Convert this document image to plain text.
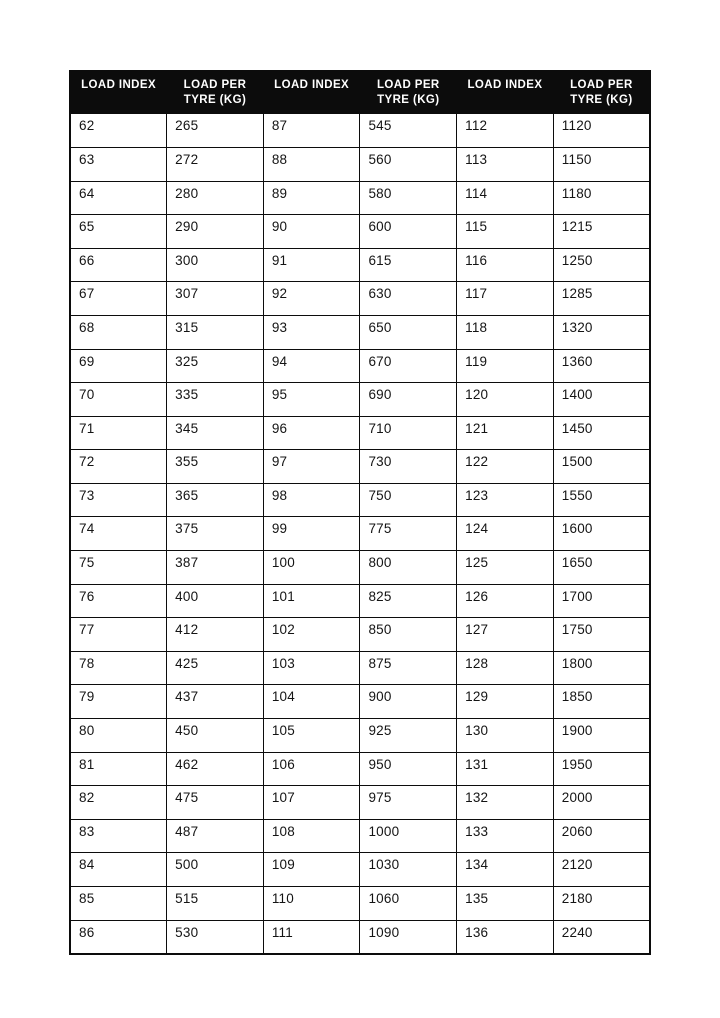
LOAD INDEX	LOAD PER TYRE (KG)	LOAD INDEX	LOAD PER TYRE (KG)	LOAD INDEX	LOAD PER TYRE (KG)
62	265	87	545	112	1120
63	272	88	560	113	1150
64	280	89	580	114	1180
65	290	90	600	115	1215
66	300	91	615	116	1250
67	307	92	630	117	1285
68	315	93	650	118	1320
69	325	94	670	119	1360
70	335	95	690	120	1400
71	345	96	710	121	1450
72	355	97	730	122	1500
73	365	98	750	123	1550
74	375	99	775	124	1600
75	387	100	800	125	1650
76	400	101	825	126	1700
77	412	102	850	127	1750
78	425	103	875	128	1800
79	437	104	900	129	1850
80	450	105	925	130	1900
81	462	106	950	131	1950
82	475	107	975	132	2000
83	487	108	1000	133	2060
84	500	109	1030	134	2120
85	515	110	1060	135	2180
86	530	111	1090	136	2240
